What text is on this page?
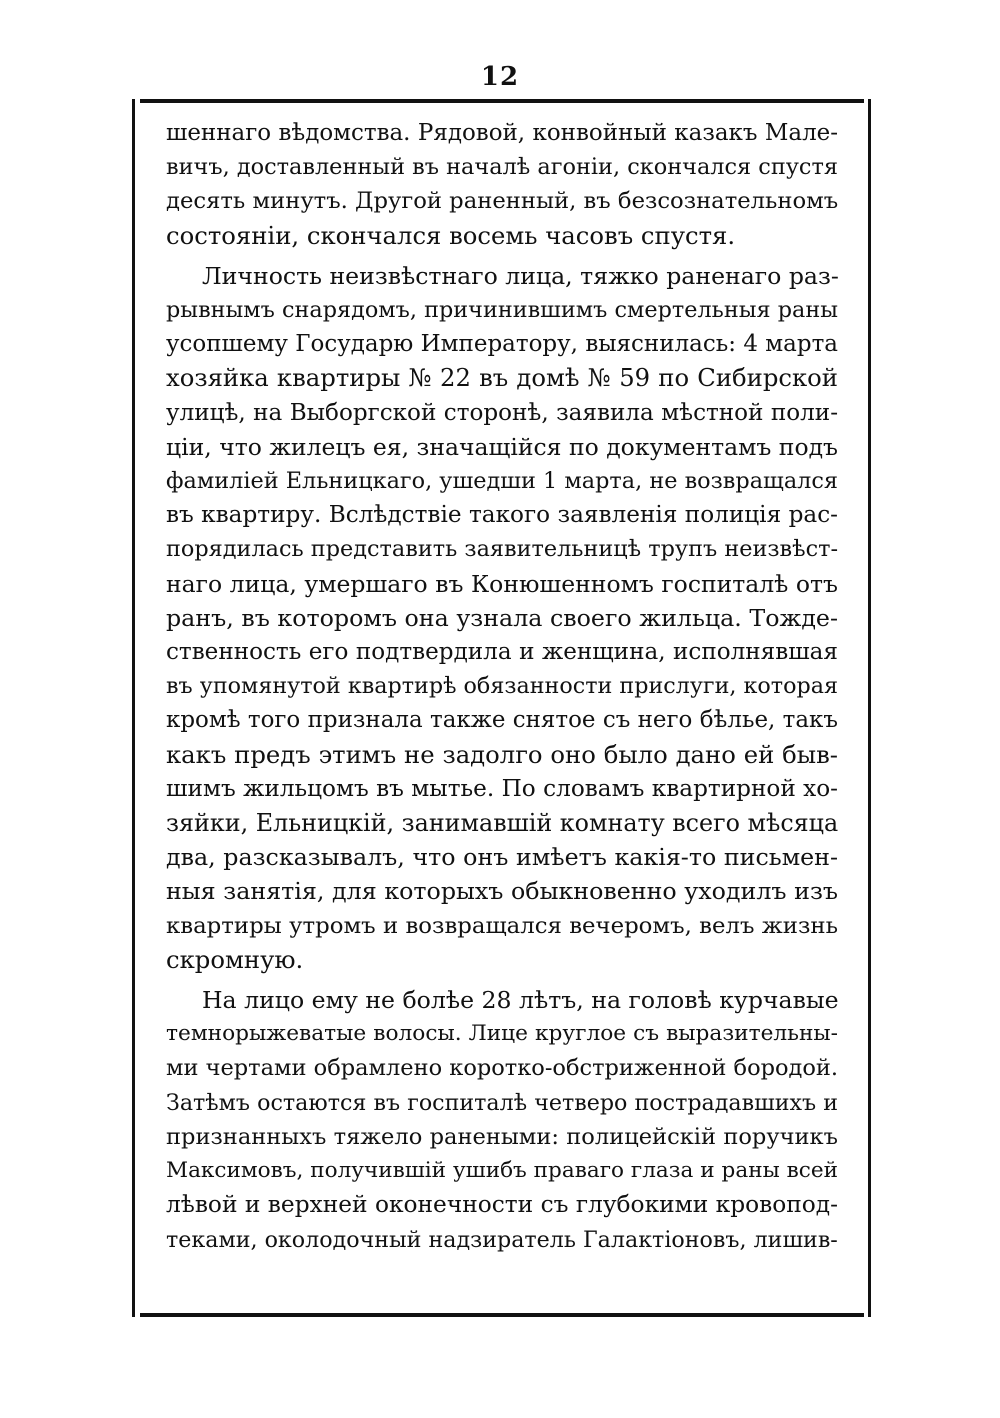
12
шеннаго вѣдомства. Рядовой, конвойный казакъ Мале-
вичъ, доставленный въ началѣ агоніи, скончался спустя
десять минутъ. Другой раненный, въ безсознательномъ
состояніи, скончался восемь часовъ спустя.
Личность неизвѣстнаго лица, тяжко раненаго раз-
рывнымъ снарядомъ, причинившимъ смертельныя раны
усопшему Государю Императору, выяснилась: 4 марта
хозяйка квартиры № 22 въ домѣ № 59 по Сибирской
улицѣ, на Выборгской сторонѣ, заявила мѣстной поли-
ціи, что жилецъ ея, значащійся по документамъ подъ
фамиліей Ельницкаго, ушедши 1 марта, не возвращался
въ квартиру. Вслѣдствіе такого заявленія полиція рас-
порядилась представить заявительницѣ трупъ неизвѣст-
наго лица, умершаго въ Конюшенномъ госпиталѣ отъ
ранъ, въ которомъ она узнала своего жильца. Тожде-
ственность его подтвердила и женщина, исполнявшая
въ упомянутой квартирѣ обязанности прислуги, которая
кромѣ того признала также снятое съ него бѣлье, такъ
какъ предъ этимъ не задолго оно было дано ей быв-
шимъ жильцомъ въ мытье. По словамъ квартирной хо-
зяйки, Ельницкій, занимавшій комнату всего мѣсяца
два, разсказывалъ, что онъ имѣетъ какія-то письмен-
ныя занятія, для которыхъ обыкновенно уходилъ изъ
квартиры утромъ и возвращался вечеромъ, велъ жизнь
скромную.
На лицо ему не болѣе 28 лѣтъ, на головѣ курчавые
темнорыжеватые волосы. Лице круглое съ выразительны-
ми чертами обрамлено коротко-обстриженной бородой.
Затѣмъ остаются въ госпиталѣ четверо пострадавшихъ и
признанныхъ тяжело ранеными: полицейскій поручикъ
Максимовъ, получившій ушибъ праваго глаза и раны всей
лѣвой и верхней оконечности съ глубокими кровопод-
теками, околодочный надзиратель Галактіоновъ, лишив-
